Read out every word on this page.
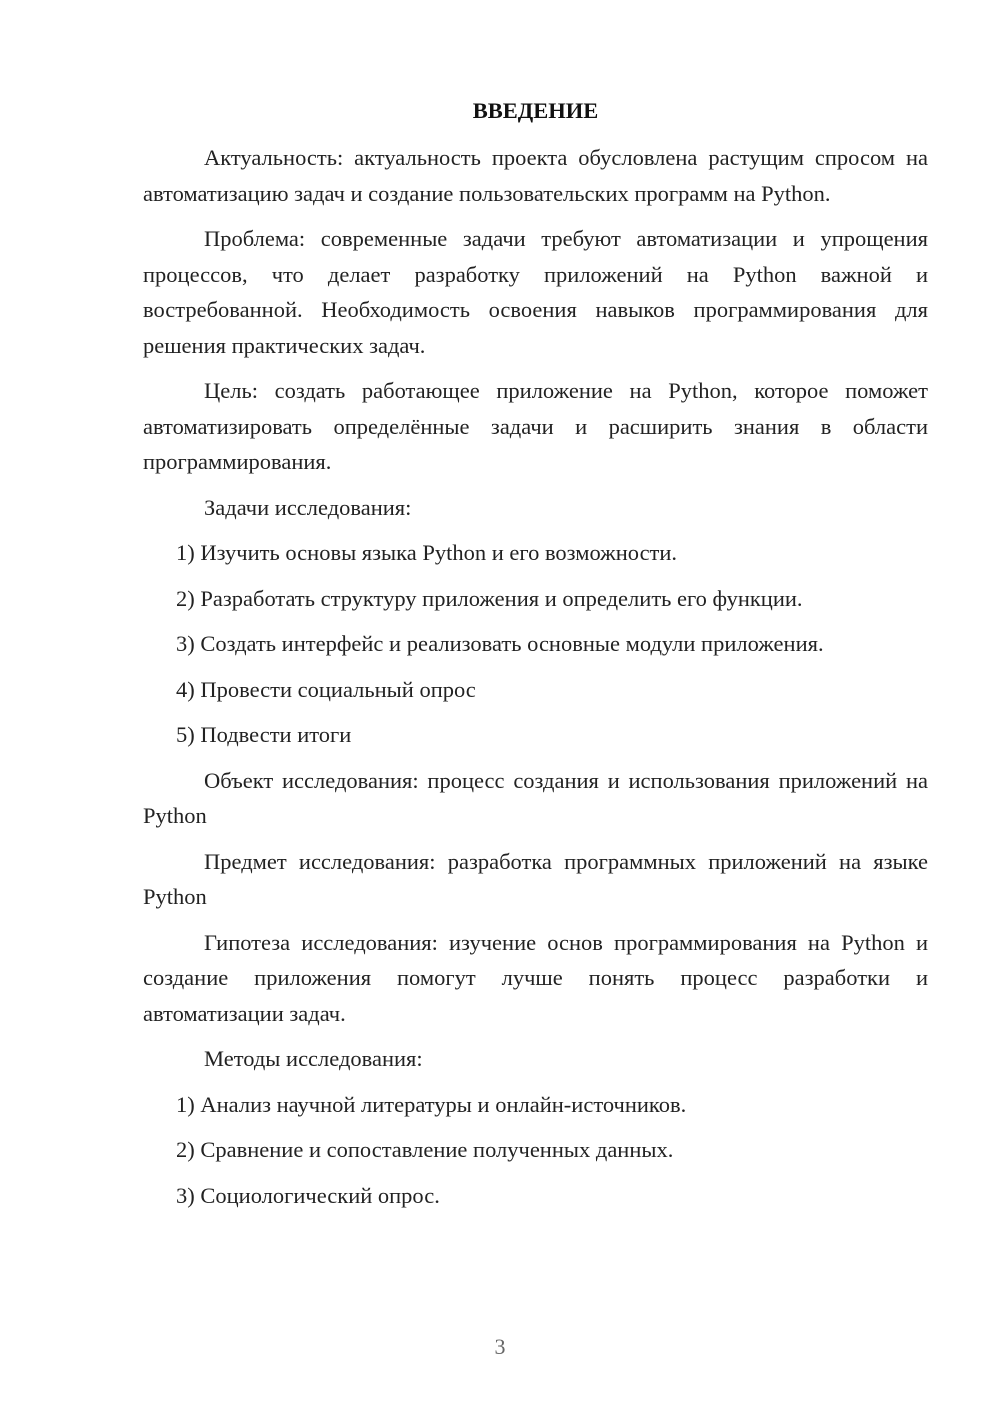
ВВЕДЕНИЕ

Актуальность: актуальность проекта обусловлена растущим спросом на автоматизацию задач и создание пользовательских программ на Python.

Проблема: современные задачи требуют автоматизации и упрощения процессов, что делает разработку приложений на Python важной и востребованной. Необходимость освоения навыков программирования для решения практических задач.

Цель: создать работающее приложение на Python, которое поможет автоматизировать определённые задачи и расширить знания в области программирования.

Задачи исследования:

1) Изучить основы языка Python и его возможности.
2) Разработать структуру приложения и определить его функции.
3) Создать интерфейс и реализовать основные модули приложения.
4) Провести социальный опрос
5) Подвести итоги

Объект исследования: процесс создания и использования приложений на Python

Предмет исследования: разработка программных приложений на языке Python

Гипотеза исследования: изучение основ программирования на Python и создание приложения помогут лучше понять процесс разработки и автоматизации задач.

Методы исследования:

1) Анализ научной литературы и онлайн-источников.
2) Сравнение и сопоставление полученных данных.
3) Социологический опрос.
3
